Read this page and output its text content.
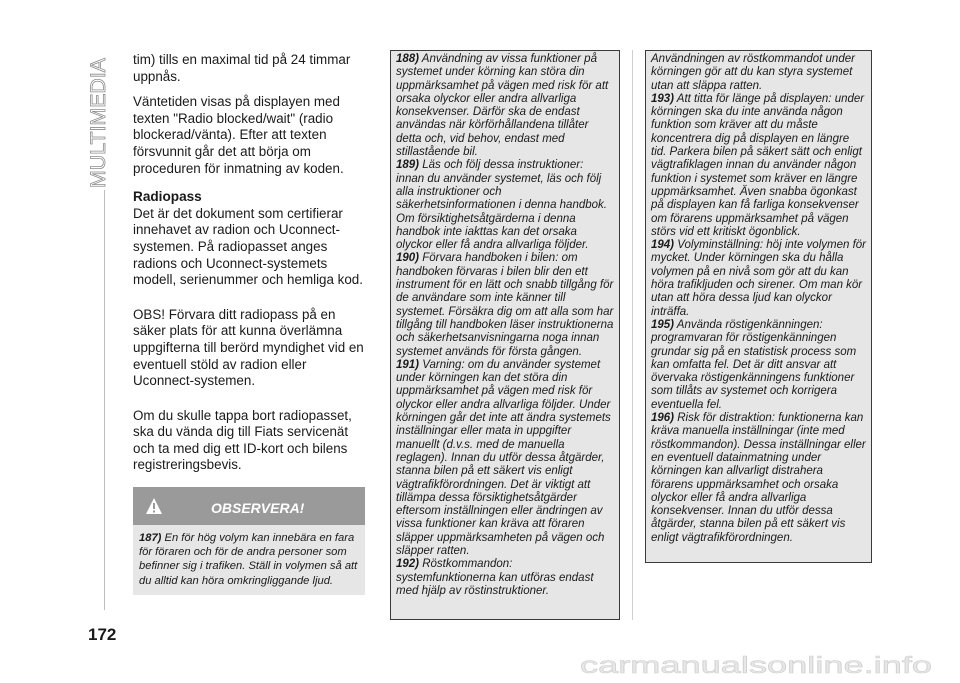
MULTIMEDIA
172

tim) tills en maximal tid på 24 timmar uppnås.

Väntetiden visas på displayen med texten "Radio blocked/wait" (radio blockerad/vänta). Efter att texten försvunnit går det att börja om proceduren för inmatning av koden.

Radiopass

Det är det dokument som certifierar innehavet av radion och Uconnect-systemen. På radiopasset anges radions och Uconnect-systemets modell, serienummer och hemliga kod.

OBS! Förvara ditt radiopass på en säker plats för att kunna överlämna uppgifterna till berörd myndighet vid en eventuell stöld av radion eller Uconnect-systemen.

Om du skulle tappa bort radiopasset, ska du vända dig till Fiats servicenät och ta med dig ett ID-kort och bilens registreringsbevis.

OBSERVERA!
187) En för hög volym kan innebära en fara för föraren och för de andra personer som befinner sig i trafiken. Ställ in volymen så att du alltid kan höra omkringliggande ljud.

188) Användning av vissa funktioner på systemet under körning kan störa din uppmärksamhet på vägen med risk för att orsaka olyckor eller andra allvarliga konsekvenser. Därför ska de endast användas när körförhållandena tillåter detta och, vid behov, endast med stillastående bil.

189) Läs och följ dessa instruktioner: innan du använder systemet, läs och följ alla instruktioner och säkerhetsinformationen i denna handbok. Om försiktighetsåtgärderna i denna handbok inte iakttas kan det orsaka olyckor eller få andra allvarliga följder.

190) Förvara handboken i bilen: om handboken förvaras i bilen blir den ett instrument för en lätt och snabb tillgång för de användare som inte känner till systemet. Försäkra dig om att alla som har tillgång till handboken läser instruktionerna och säkerhetsanvisningarna noga innan systemet används för första gången.

191) Varning: om du använder systemet under körningen kan det störa din uppmärksamhet på vägen med risk för olyckor eller andra allvarliga följder. Under körningen går det inte att ändra systemets inställningar eller mata in uppgifter manuellt (d.v.s. med de manuella reglagen). Innan du utför dessa åtgärder, stanna bilen på ett säkert vis enligt vägtrafikförordningen. Det är viktigt att tillämpa dessa försiktighetsåtgärder eftersom inställningen eller ändringen av vissa funktioner kan kräva att föraren släpper uppmärksamheten på vägen och släpper ratten.

192) Röstkommandon: systemfunktionerna kan utföras endast med hjälp av röstinstruktioner.

Användningen av röstkommandot under körningen gör att du kan styra systemet utan att släppa ratten.

193) Att titta för länge på displayen: under körningen ska du inte använda någon funktion som kräver att du måste koncentrera dig på displayen en längre tid. Parkera bilen på säkert sätt och enligt vägtrafiklagen innan du använder någon funktion i systemet som kräver en längre uppmärksamhet. Även snabba ögonkast på displayen kan få farliga konsekvenser om förarens uppmärksamhet på vägen störs vid ett kritiskt ögonblick.

194) Volyminställning: höj inte volymen för mycket. Under körningen ska du hålla volymen på en nivå som gör att du kan höra trafikljuden och sirener. Om man kör utan att höra dessa ljud kan olyckor inträffa.

195) Använda röstigenkänningen: programvaran för röstigenkänningen grundar sig på en statistisk process som kan omfatta fel. Det är ditt ansvar att övervaka röstigenkänningens funktioner som tillåts av systemet och korrigera eventuella fel.

196) Risk för distraktion: funktionerna kan kräva manuella inställningar (inte med röstkommandon). Dessa inställningar eller en eventuell datainmatning under körningen kan allvarligt distrahera förarens uppmärksamhet och orsaka olyckor eller få andra allvarliga konsekvenser. Innan du utför dessa åtgärder, stanna bilen på ett säkert vis enligt vägtrafikförordningen.

carmanualsonline.info
